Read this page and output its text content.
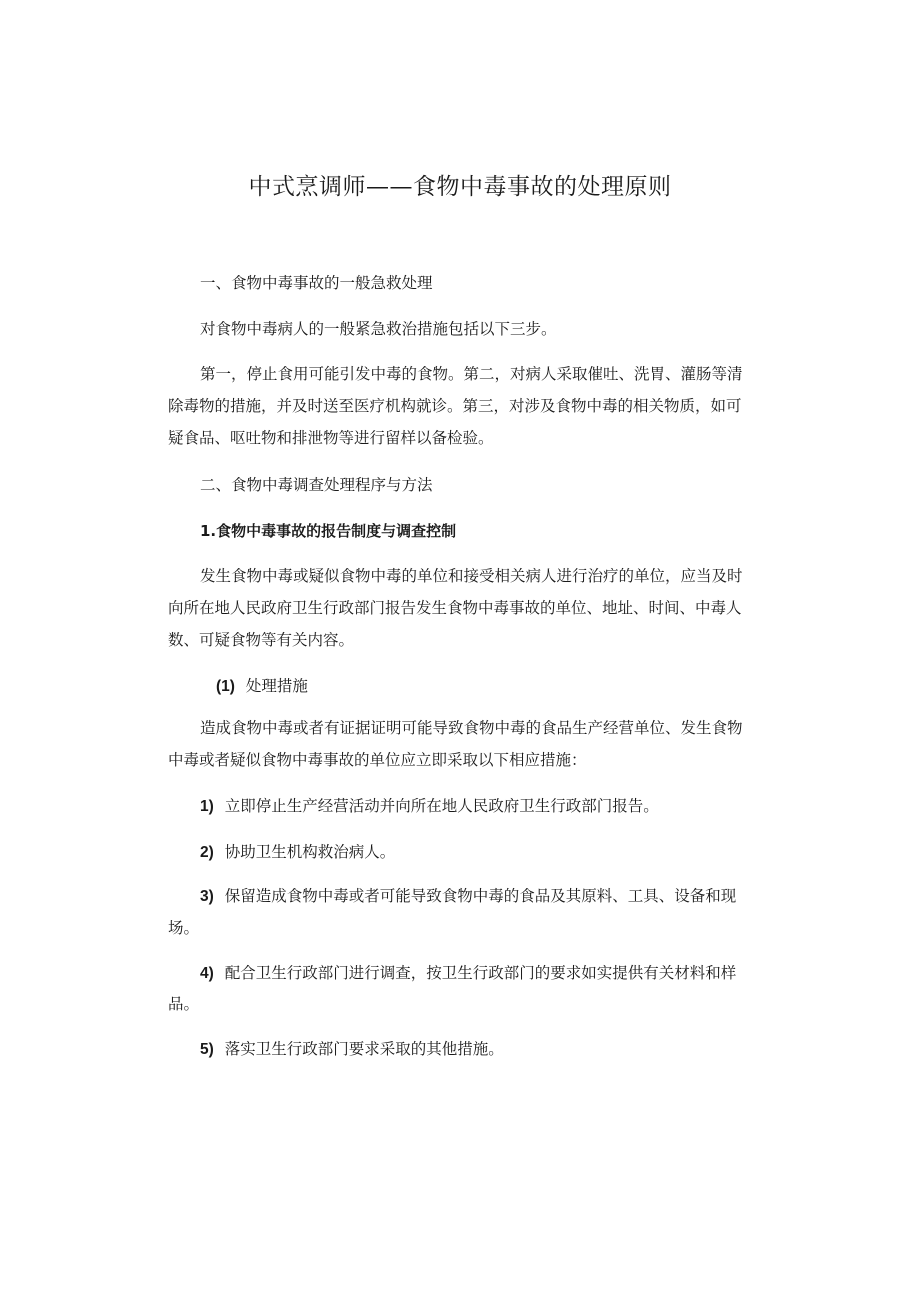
中式烹调师——食物中毒事故的处理原则
一、食物中毒事故的一般急救处理
对食物中毒病人的一般紧急救治措施包括以下三步。
第一，停止食用可能引发中毒的食物。第二，对病人采取催吐、洗胃、灌肠等清
除毒物的措施，并及时送至医疗机构就诊。第三，对涉及食物中毒的相关物质，如可
疑食品、呕吐物和排泄物等进行留样以备检验。
二、食物中毒调查处理程序与方法
1.食物中毒事故的报告制度与调查控制
发生食物中毒或疑似食物中毒的单位和接受相关病人进行治疗的单位，应当及时
向所在地人民政府卫生行政部门报告发生食物中毒事故的单位、地址、时间、中毒人
数、可疑食物等有关内容。
(1) 处理措施
造成食物中毒或者有证据证明可能导致食物中毒的食品生产经营单位、发生食物
中毒或者疑似食物中毒事故的单位应立即采取以下相应措施：
1) 立即停止生产经营活动并向所在地人民政府卫生行政部门报告。
2) 协助卫生机构救治病人。
3) 保留造成食物中毒或者可能导致食物中毒的食品及其原料、工具、设备和现
场。
4) 配合卫生行政部门进行调查，按卫生行政部门的要求如实提供有关材料和样
品。
5) 落实卫生行政部门要求采取的其他措施。
